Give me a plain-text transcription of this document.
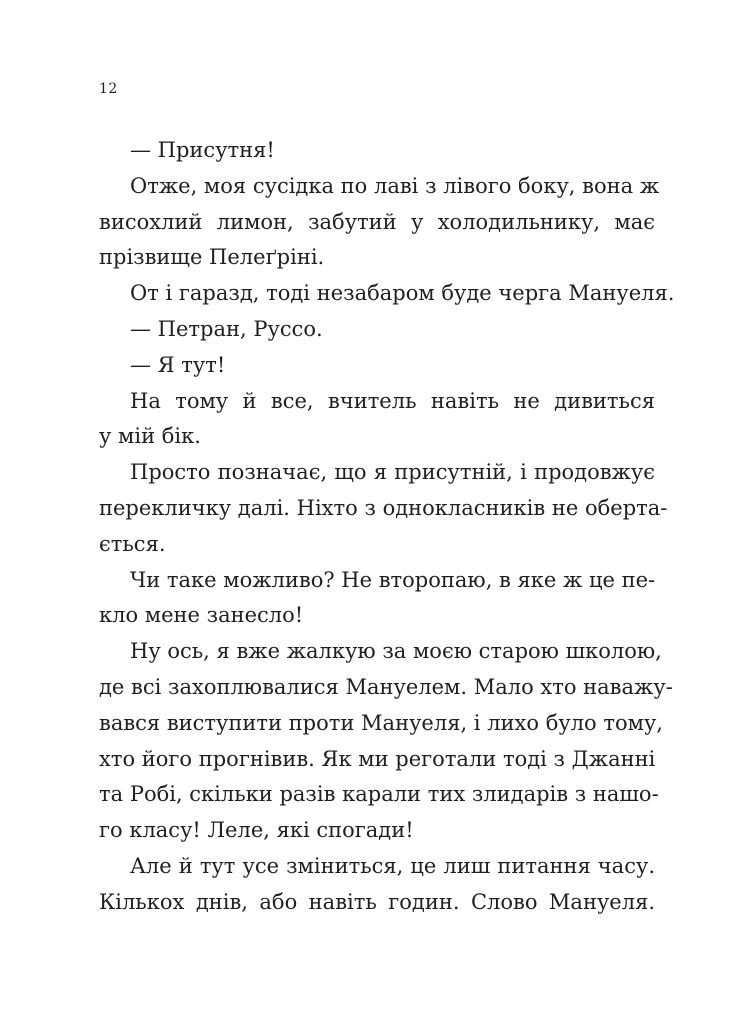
12
— Присутня!
Отже, моя сусідка по лаві з лівого боку, вона ж
висохлий лимон, забутий у холодильнику, має
прізвище Пелеґріні.
От і гаразд, тоді незабаром буде черга Мануеля.
— Петран, Руссо.
— Я тут!
На тому й все, вчитель навіть не дивиться
у мій бік.
Просто позначає, що я присутній, і продовжує
перекличку далі. Ніхто з однокласників не оберта-
ється.
Чи таке можливо? Не второпаю, в яке ж це пе-
кло мене занесло!
Ну ось, я вже жалкую за моєю старою школою,
де всі захоплювалися Мануелем. Мало хто наважу-
вався виступити проти Мануеля, і лихо було тому,
хто його прогнівив. Як ми реготали тоді з Джанні
та Робі, скільки разів карали тих злидарів з нашо-
го класу! Леле, які спогади!
Але й тут усе зміниться, це лиш питання часу.
Кількох днів, або навіть годин. Слово Мануеля.
